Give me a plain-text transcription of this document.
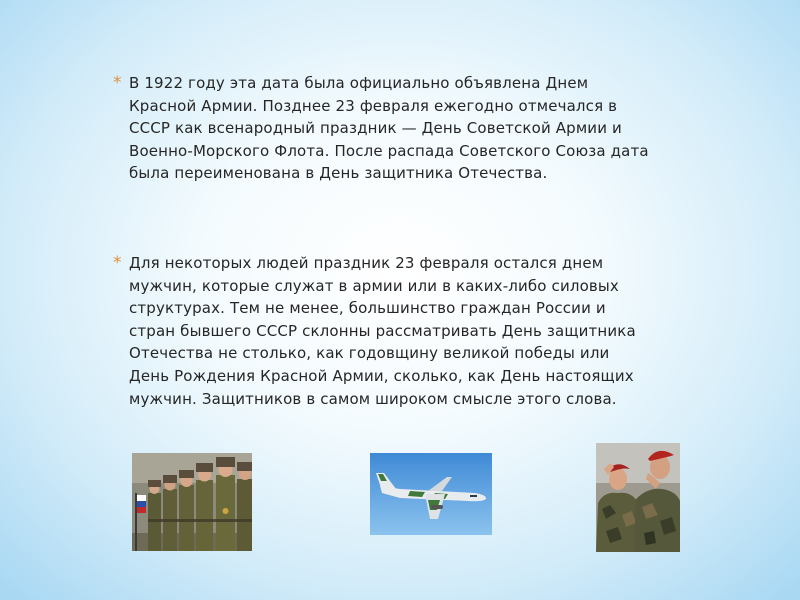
* В 1922 году эта дата была официально объявлена Днем Красной Армии. Позднее 23 февраля ежегодно отмечался в СССР как всенародный праздник — День Советской Армии и Военно-Морского Флота. После распада Советского Союза дата была переименована в День защитника Отечества.

* Для некоторых людей праздник 23 февраля остался днем мужчин, которые служат в армии или в каких-либо силовых структурах. Тем не менее, большинство граждан России и стран бывшего СССР склонны рассматривать День защитника Отечества не столько, как годовщину великой победы или День Рождения Красной Армии, сколько, как День настоящих мужчин. Защитников в самом широком смысле этого слова.
